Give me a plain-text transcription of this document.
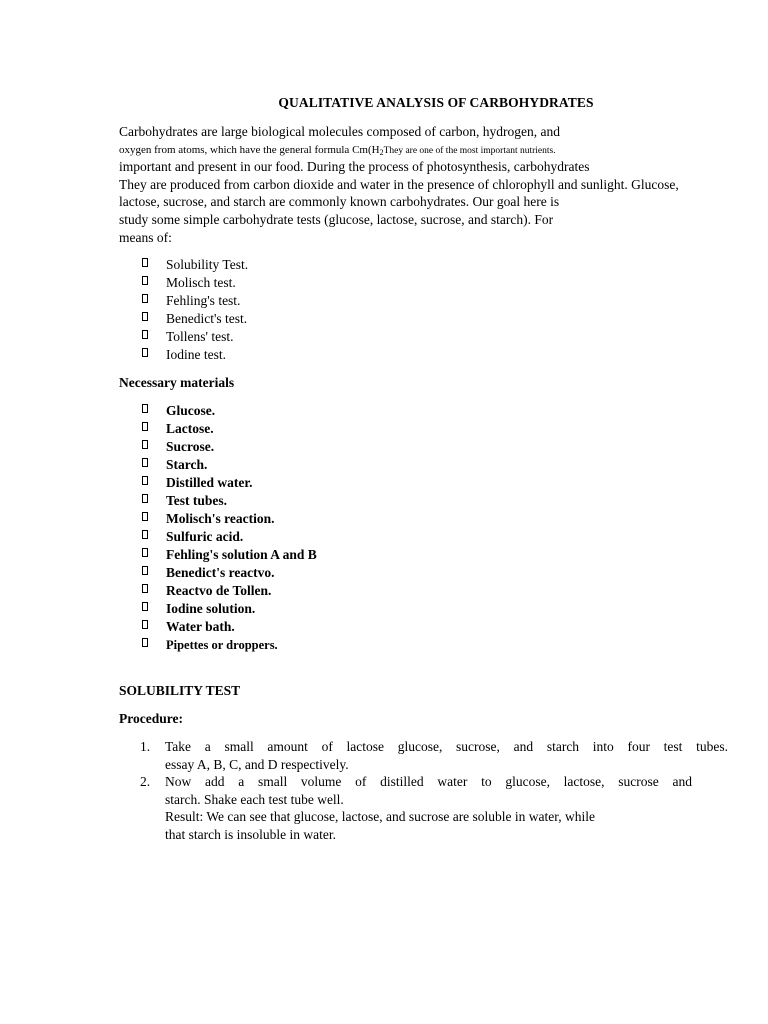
QUALITATIVE ANALYSIS OF CARBOHYDRATES
Carbohydrates are large biological molecules composed of carbon, hydrogen, and
oxygen from atoms, which have the general formula $Cm(H_2They$ are one of the most important nutrients.
important and present in our food. During the process of photosynthesis, carbohydrates
They are produced from carbon dioxide and water in the presence of chlorophyll and sunlight. Glucose,
lactose, sucrose, and starch are commonly known carbohydrates. Our goal here is
study some simple carbohydrate tests (glucose, lactose, sucrose, and starch). For
means of:
Solubility Test.
Molisch test.
Fehling's test.
Benedict's test.
Tollens' test.
Iodine test.
Necessary materials
Glucose.
Lactose.
Sucrose.
Starch.
Distilled water.
Test tubes.
Molisch's reaction.
Sulfuric acid.
Fehling's solution A and B
Benedict's reactvo.
Reactvo de Tollen.
Iodine solution.
Water bath.
Pipettes or droppers.
SOLUBILITY TEST
Procedure:
1. Take a small amount of lactose glucose, sucrose, and starch into four test tubes.
essay A, B, C, and D respectively.
2. Now add a small volume of distilled water to glucose, lactose, sucrose and
starch. Shake each test tube well.
Result: We can see that glucose, lactose, and sucrose are soluble in water, while
that starch is insoluble in water.
